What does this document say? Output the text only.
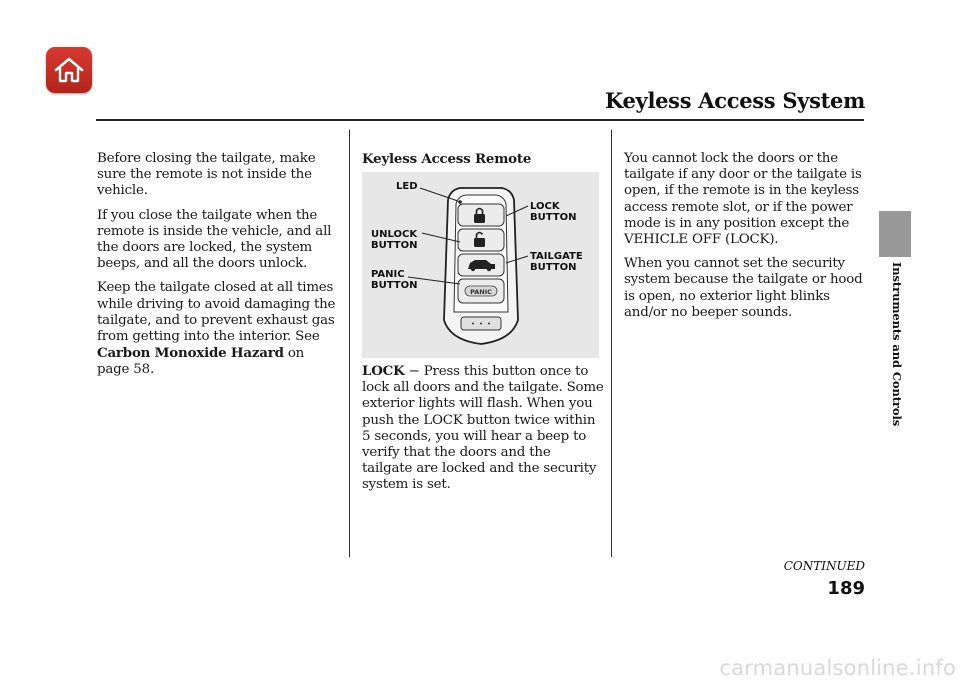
Keyless Access System

Before closing the tailgate, make sure the remote is not inside the vehicle.

If you close the tailgate when the remote is inside the vehicle, and all the doors are locked, the system beeps, and all the doors unlock.

Keep the tailgate closed at all times while driving to avoid damaging the tailgate, and to prevent exhaust gas from getting into the interior. See Carbon Monoxide Hazard on page 58.

Keyless Access Remote

PANIC
LED
LOCK
BUTTON
UNLOCK
BUTTON
TAILGATE
BUTTON
PANIC
BUTTON

LOCK − Press this button once to lock all doors and the tailgate. Some exterior lights will flash. When you push the LOCK button twice within 5 seconds, you will hear a beep to verify that the doors and the tailgate are locked and the security system is set.

You cannot lock the doors or the tailgate if any door or the tailgate is open, if the remote is in the keyless access remote slot, or if the power mode is in any position except the VEHICLE OFF (LOCK).

When you cannot set the security system because the tailgate or hood is open, no exterior light blinks and/or no beeper sounds.	Instruments and Controls
CONTINUED
189
carmanualsonline.info
